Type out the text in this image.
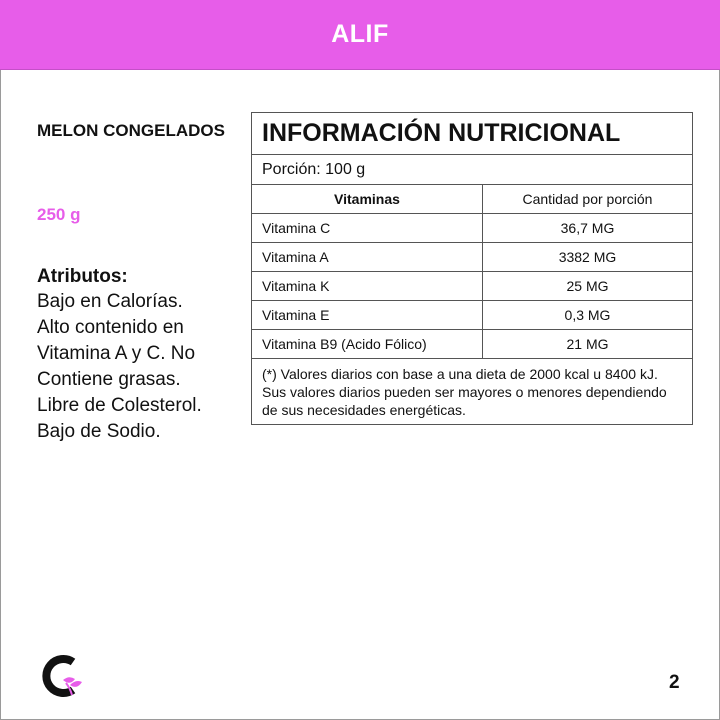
ALIF
MELON CONGELADOS
250 g
Atributos:
Bajo en Calorías. Alto contenido en Vitamina A y C. No Contiene grasas. Libre de Colesterol. Bajo de Sodio.
INFORMACIÓN NUTRICIONAL	
Porción: 100 g	
Vitaminas	Cantidad por porción
Vitamina C	36,7 MG
Vitamina A	3382 MG
Vitamina K	25 MG
Vitamina E	0,3 MG
Vitamina B9 (Acido Fólico)	21 MG
(*) Valores diarios con base a una dieta de 2000 kcal u 8400 kJ. Sus valores diarios pueden ser mayores o menores dependiendo de sus necesidades energéticas.	
2
